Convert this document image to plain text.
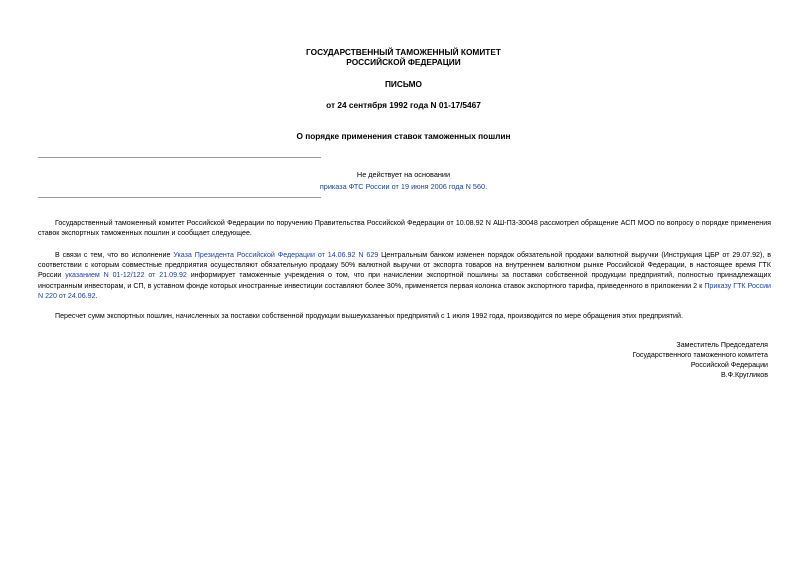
ГОСУДАРСТВЕННЫЙ ТАМОЖЕННЫЙ КОМИТЕТ
РОССИЙСКОЙ ФЕДЕРАЦИИ
ПИСЬМО
от 24 сентября 1992 года N 01-17/5467
О порядке применения ставок таможенных пошлин
Не действует на основании
приказа ФТС России от 19 июня 2006 года N 560.

Государственный таможенный комитет Российской Федерации по поручению Правительства Российской Федерации от 10.08.92 N АШ-П3-30048 рассмотрел обращение АСП МОО по вопросу о порядке применения ставок экспортных таможенных пошлин и сообщает следующее.

В связи с тем, что во исполнение Указа Президента Российской Федерации от 14.06.92 N 629 Центральным банком изменен порядок обязательной продажи валютной выручки (Инструкция ЦБР от 29.07.92), в соответствии с которым совместные предприятия осуществляют обязательную продажу 50% валютной выручки от экспорта товаров на внутреннем валютном рынке Российской Федерации, в настоящее время ГТК России указанием N 01-12/122 от 21.09.92 информирует таможенные учреждения о том, что при начислении экспортной пошлины за поставки собственной продукции предприятий, полностью принадлежащих иностранным инвесторам, и СП, в уставном фонде которых иностранные инвестиции составляют более 30%, применяется первая колонка ставок экспортного тарифа, приведенного в приложении 2 к Приказу ГТК России N 220 от 24.06.92.

Пересчет сумм экспортных пошлин, начисленных за поставки собственной продукции вышеуказанных предприятий с 1 июля 1992 года, производится по мере обращения этих предприятий.

Заместитель Председателя
Государственного таможенного комитета
Российской Федерации
В.Ф.Кругликов
